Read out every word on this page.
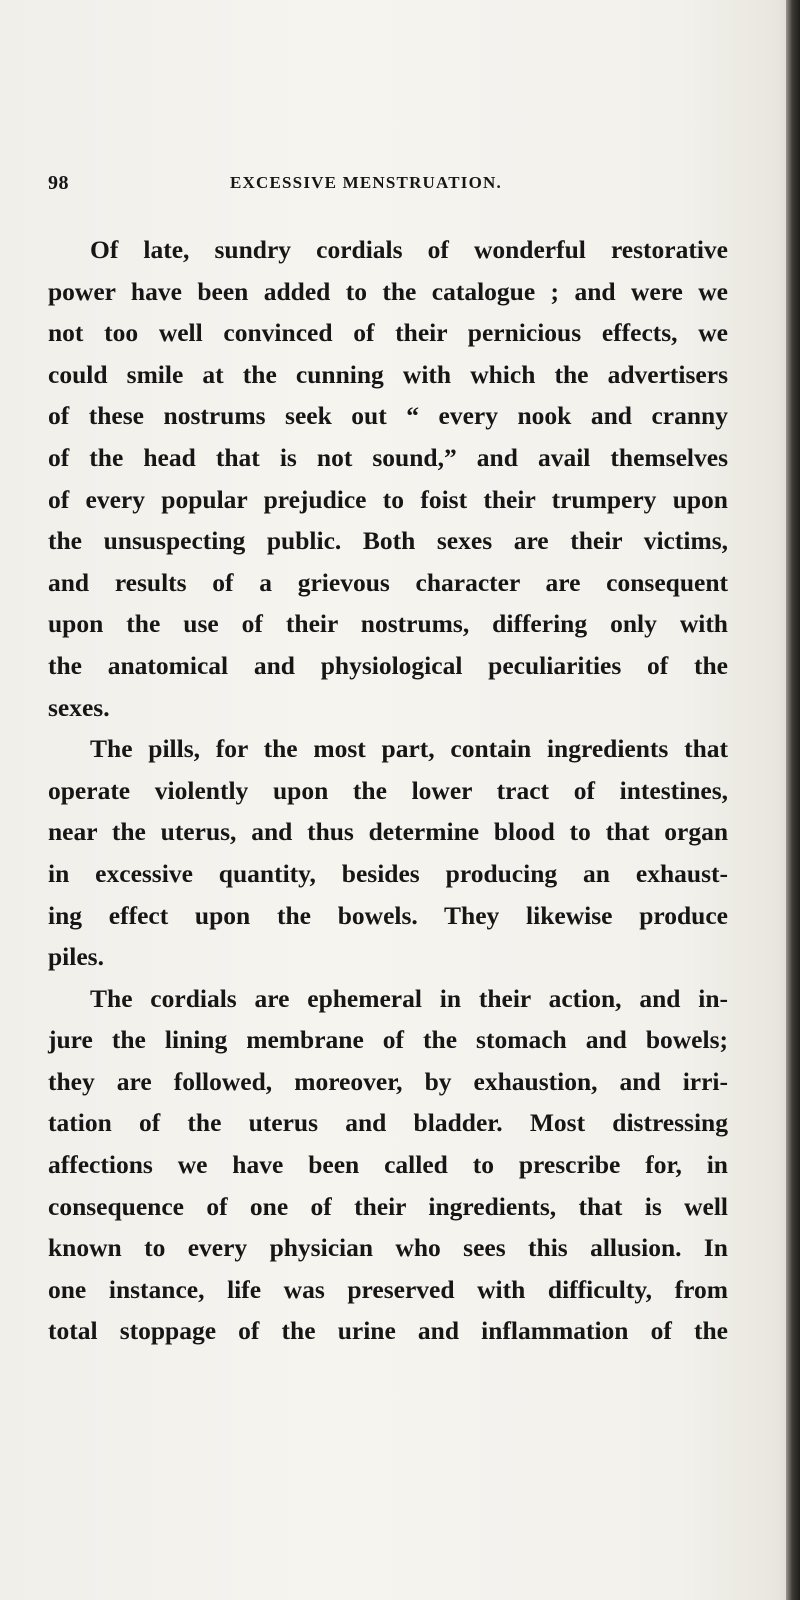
98	EXCESSIVE MENSTRUATION.
Of late, sundry cordials of wonderful restorative
power have been added to the catalogue ; and were we
not too well convinced of their pernicious effects, we
could smile at the cunning with which the advertisers
of these nostrums seek out “ every nook and cranny
of the head that is not sound,” and avail themselves
of every popular prejudice to foist their trumpery upon
the unsuspecting public. Both sexes are their victims,
and results of a grievous character are consequent
upon the use of their nostrums, differing only with
the anatomical and physiological peculiarities of the
sexes.
The pills, for the most part, contain ingredients that
operate violently upon the lower tract of intestines,
near the uterus, and thus determine blood to that organ
in excessive quantity, besides producing an exhaust-
ing effect upon the bowels. They likewise produce
piles.
The cordials are ephemeral in their action, and in-
jure the lining membrane of the stomach and bowels;
they are followed, moreover, by exhaustion, and irri-
tation of the uterus and bladder. Most distressing
affections we have been called to prescribe for, in
consequence of one of their ingredients, that is well
known to every physician who sees this allusion. In
one instance, life was preserved with difficulty, from
total stoppage of the urine and inflammation of the
